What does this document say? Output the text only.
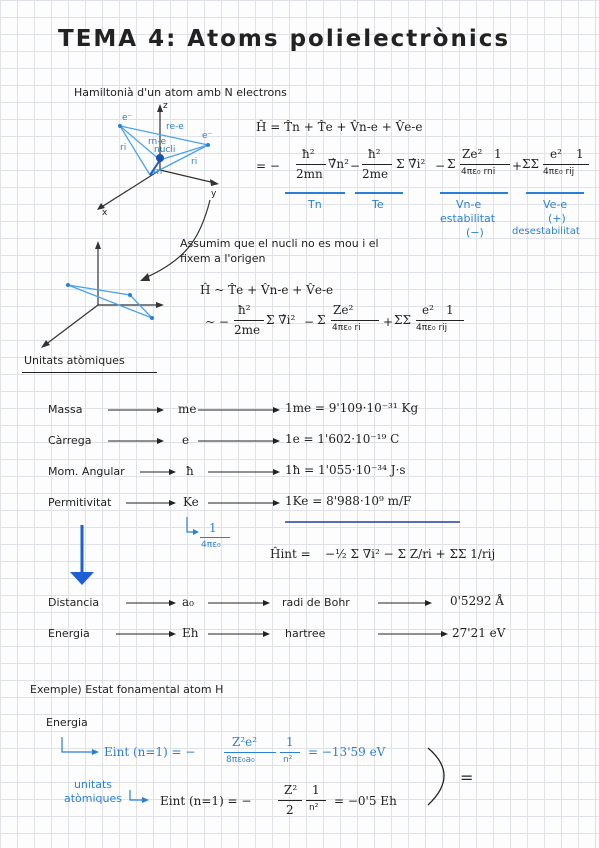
TEMA 4: Atoms polielectrònics
Hamiltonià d'un atom amb N electrons
z
y
x
e⁻
e⁻
re-e
rn-e
nucli
ri
ri
rn
Ĥ = T̂n + T̂e + V̂n-e + V̂e-e
= −
ħ²
2mn
∇̂n² −
ħ²
2me
Σ ∇̂i² − Σ
Ze² 1
4πε₀ rni + ΣΣ
e² 1
4πε₀ rij
Tn	Te	Vn-e	Ve-e
estabilitat
(−)
(+)
desestabilitat
Assumim que el nucli no es mou i el fixem a l'origen
Ĥ ~ T̂e + V̂n-e + V̂e-e
~ −
ħ²
2me
Σ ∇̂i² − Σ
Ze²
4πε₀ ri + ΣΣ
e² 1
4πε₀ rij
Unitats atòmiques
Massa	me	1me = 9'109·10⁻³¹ Kg
Càrrega	e	1e = 1'602·10⁻¹⁹ C
Mom. Angular	ħ	1ħ = 1'055·10⁻³⁴ J·s
Permitivitat	Ke	1Ke = 8'988·10⁹ m/F
1
4πε₀
Ĥint = −½ Σ ∇i² − Σ Z/ri + ΣΣ 1/rij
Distancia	a₀	radi de Bohr	0'5292 Å
Energia	Eh	hartree	27'21 eV
Exemple) Estat fonamental atom H
Energia
Eint (n=1) = −
Z²e²
8πε₀a₀
1
n²
= −13'59 eV
unitats atòmiques	Eint (n=1) = −
Z²
2
1
n² = −0'5 Eh
=
